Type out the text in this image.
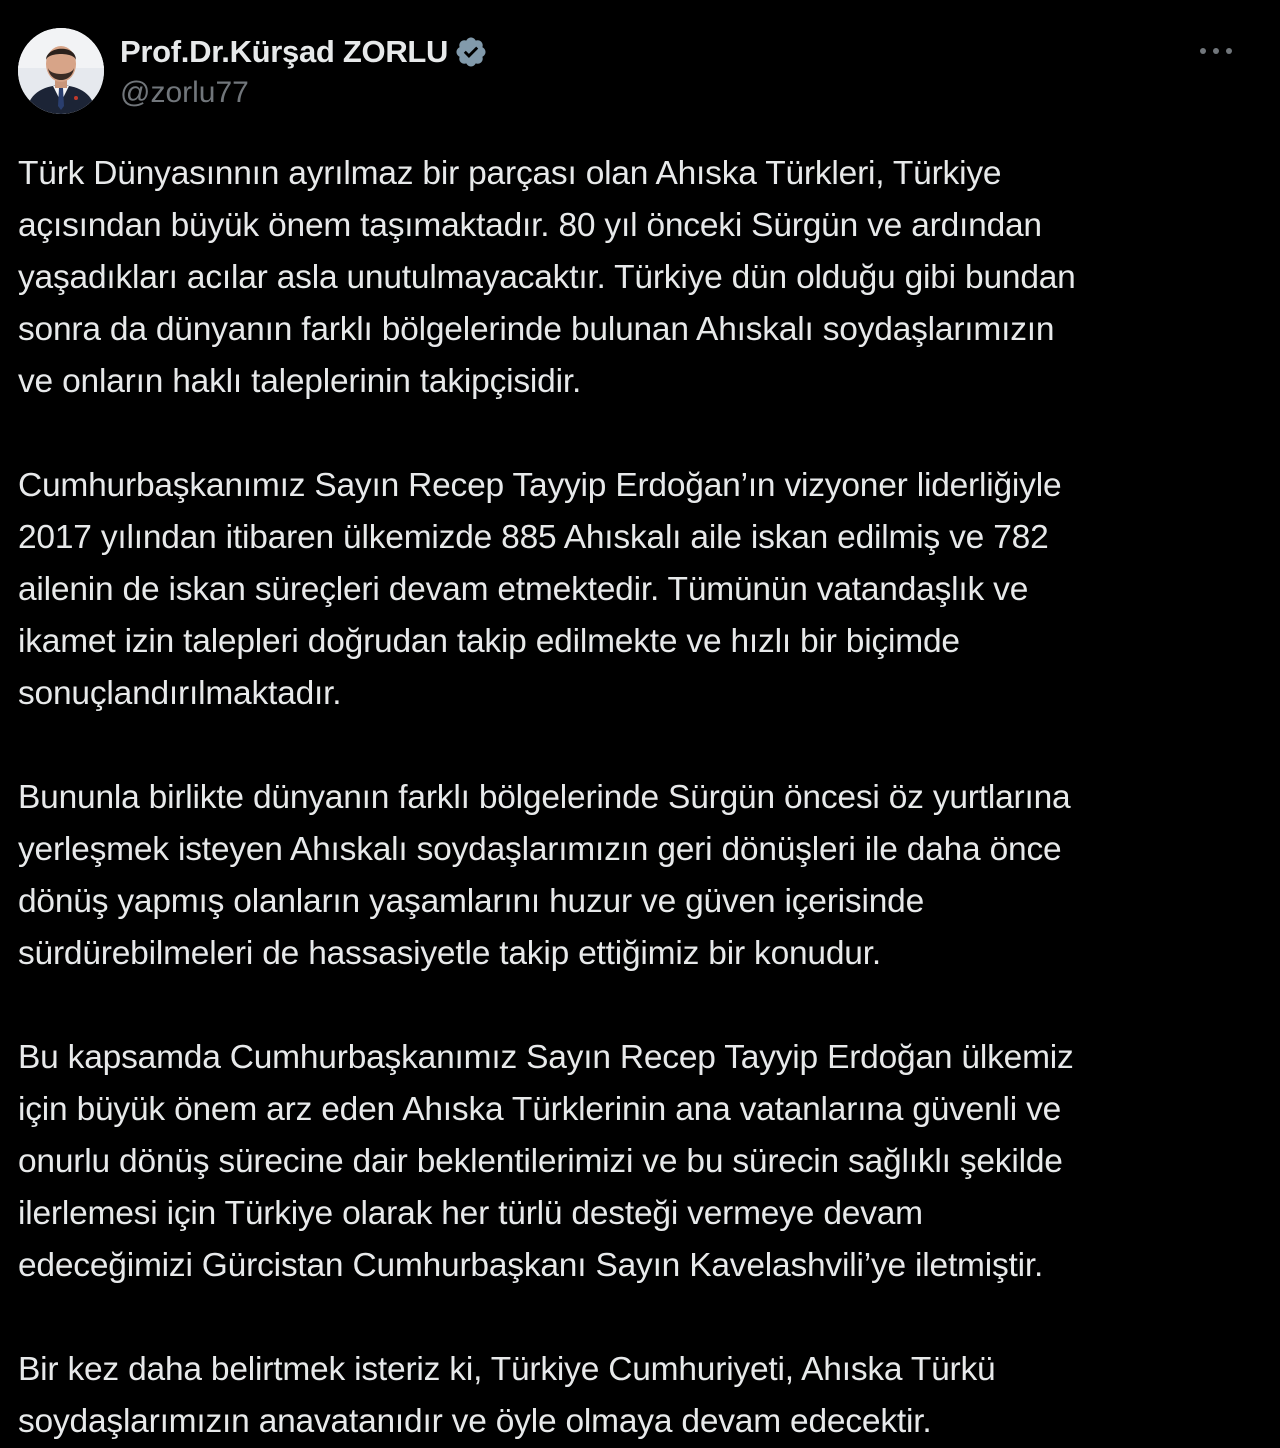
Prof.Dr.Kürşad ZORLU
@zorlu77

Türk Dünyasınnın ayrılmaz bir parçası olan Ahıska Türkleri, Türkiye
açısından büyük önem taşımaktadır. 80 yıl önceki Sürgün ve ardından
yaşadıkları acılar asla unutulmayacaktır. Türkiye dün olduğu gibi bundan
sonra da dünyanın farklı bölgelerinde bulunan Ahıskalı soydaşlarımızın
ve onların haklı taleplerinin takipçisidir.

Cumhurbaşkanımız Sayın Recep Tayyip Erdoğan’ın vizyoner liderliğiyle
2017 yılından itibaren ülkemizde 885 Ahıskalı aile iskan edilmiş ve 782
ailenin de iskan süreçleri devam etmektedir. Tümünün vatandaşlık ve
ikamet izin talepleri doğrudan takip edilmekte ve hızlı bir biçimde
sonuçlandırılmaktadır.

Bununla birlikte dünyanın farklı bölgelerinde Sürgün öncesi öz yurtlarına
yerleşmek isteyen Ahıskalı soydaşlarımızın geri dönüşleri ile daha önce
dönüş yapmış olanların yaşamlarını huzur ve güven içerisinde
sürdürebilmeleri de hassasiyetle takip ettiğimiz bir konudur.

Bu kapsamda Cumhurbaşkanımız Sayın Recep Tayyip Erdoğan ülkemiz
için büyük önem arz eden Ahıska Türklerinin ana vatanlarına güvenli ve
onurlu dönüş sürecine dair beklentilerimizi ve bu sürecin sağlıklı şekilde
ilerlemesi için Türkiye olarak her türlü desteği vermeye devam
edeceğimizi Gürcistan Cumhurbaşkanı Sayın Kavelashvili’ye iletmiştir.

Bir kez daha belirtmek isteriz ki, Türkiye Cumhuriyeti, Ahıska Türkü
soydaşlarımızın anavatanıdır ve öyle olmaya devam edecektir.
